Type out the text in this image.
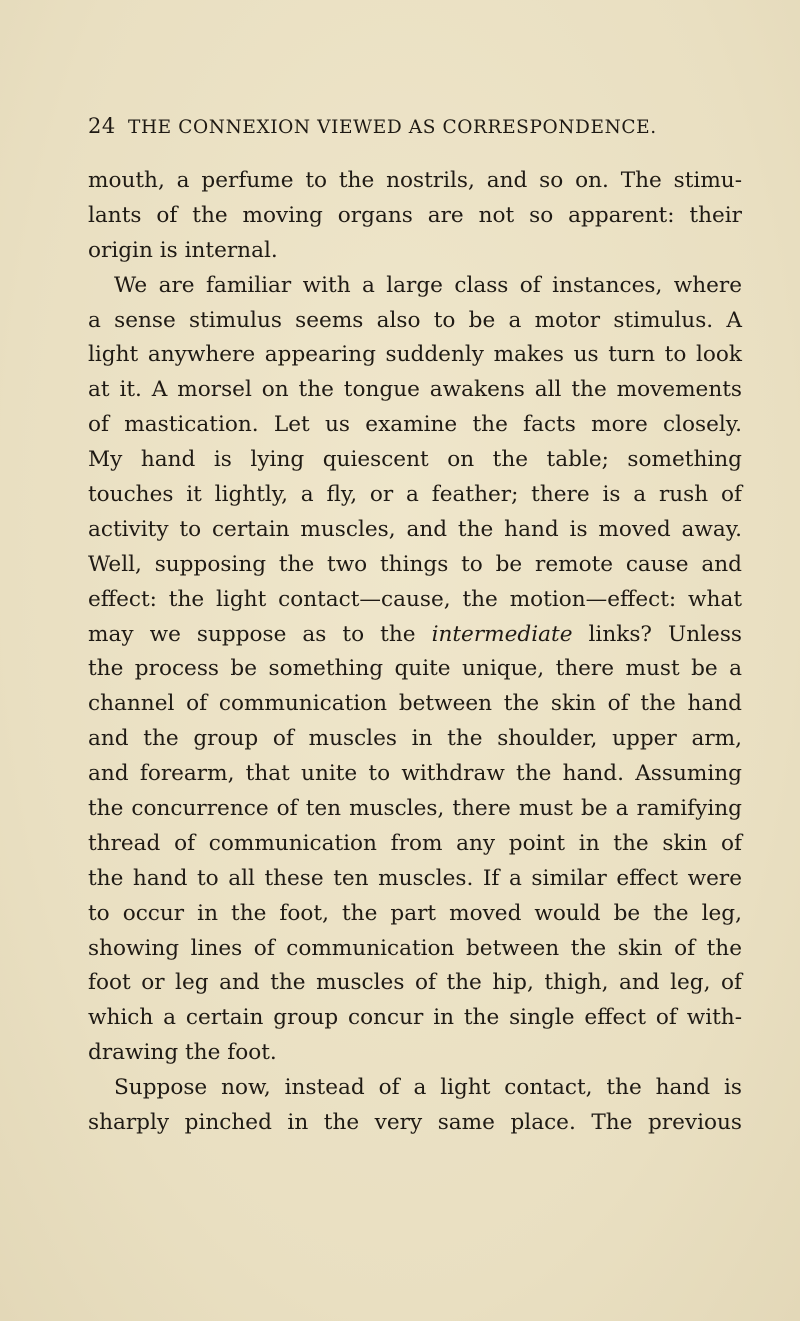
24 THE CONNEXION VIEWED AS CORRESPONDENCE.
mouth, a perfume to the nostrils, and so on. The stimu-
lants of the moving organs are not so apparent: their
origin is internal.
We are familiar with a large class of instances, where
a sense stimulus seems also to be a motor stimulus. A
light anywhere appearing suddenly makes us turn to look
at it. A morsel on the tongue awakens all the movements
of mastication. Let us examine the facts more closely.
My hand is lying quiescent on the table; something
touches it lightly, a fly, or a feather; there is a rush of
activity to certain muscles, and the hand is moved away.
Well, supposing the two things to be remote cause and
effect: the light contact—cause, the motion—effect: what
may we suppose as to the intermediate links? Unless
the process be something quite unique, there must be a
channel of communication between the skin of the hand
and the group of muscles in the shoulder, upper arm,
and forearm, that unite to withdraw the hand. Assuming
the concurrence of ten muscles, there must be a ramifying
thread of communication from any point in the skin of
the hand to all these ten muscles. If a similar effect were
to occur in the foot, the part moved would be the leg,
showing lines of communication between the skin of the
foot or leg and the muscles of the hip, thigh, and leg, of
which a certain group concur in the single effect of with-
drawing the foot.
Suppose now, instead of a light contact, the hand is
sharply pinched in the very same place. The previous
